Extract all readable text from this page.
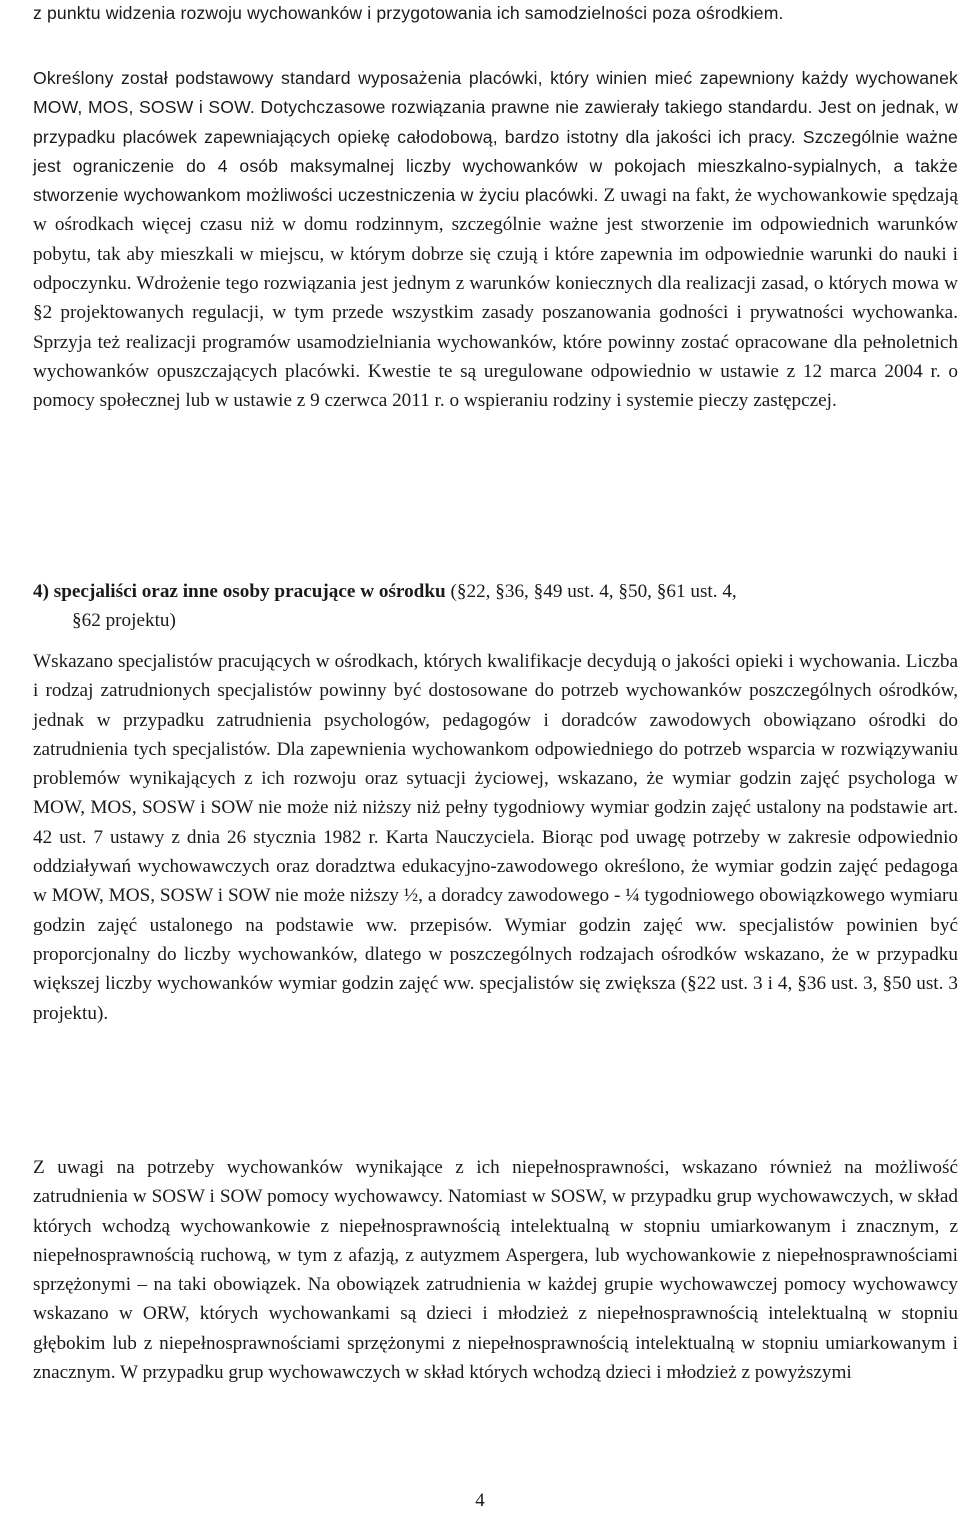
z punktu widzenia rozwoju wychowanków i przygotowania ich samodzielności poza ośrodkiem.

Określony został podstawowy standard wyposażenia placówki, który winien mieć zapewniony każdy wychowanek MOW, MOS, SOSW i SOW. Dotychczasowe rozwiązania prawne nie zawierały takiego standardu. Jest on jednak, w przypadku placówek zapewniających opiekę całodobową, bardzo istotny dla jakości ich pracy. Szczególnie ważne jest ograniczenie do 4 osób maksymalnej liczby wychowanków w pokojach mieszkalno-sypialnych, a także stworzenie wychowankom możliwości uczestniczenia w życiu placówki. Z uwagi na fakt, że wychowankowie spędzają w ośrodkach więcej czasu niż w domu rodzinnym, szczególnie ważne jest stworzenie im odpowiednich warunków pobytu, tak aby mieszkali w miejscu, w którym dobrze się czują i które zapewnia im odpowiednie warunki do nauki i odpoczynku. Wdrożenie tego rozwiązania jest jednym z warunków koniecznych dla realizacji zasad, o których mowa w §2 projektowanych regulacji, w tym przede wszystkim zasady poszanowania godności i prywatności wychowanka. Sprzyja też realizacji programów usamodzielniania wychowanków, które powinny zostać opracowane dla pełnoletnich wychowanków opuszczających placówki. Kwestie te są uregulowane odpowiednio w ustawie z 12 marca 2004 r. o pomocy społecznej lub w ustawie z 9 czerwca 2011 r. o wspieraniu rodziny i systemie pieczy zastępczej.

4) specjaliści oraz inne osoby pracujące w ośrodku (§22, §36, §49 ust. 4, §50, §61 ust. 4,
§62 projektu)

Wskazano specjalistów pracujących w ośrodkach, których kwalifikacje decydują o jakości opieki i wychowania. Liczba i rodzaj zatrudnionych specjalistów powinny być dostosowane do potrzeb wychowanków poszczególnych ośrodków, jednak w przypadku zatrudnienia psychologów, pedagogów i doradców zawodowych obowiązano ośrodki do zatrudnienia tych specjalistów. Dla zapewnienia wychowankom odpowiedniego do potrzeb wsparcia w rozwiązywaniu problemów wynikających z ich rozwoju oraz sytuacji życiowej, wskazano, że wymiar godzin zajęć psychologa w MOW, MOS, SOSW i SOW nie może niż niższy niż pełny tygodniowy wymiar godzin zajęć ustalony na podstawie art. 42 ust. 7 ustawy z dnia 26 stycznia 1982 r. Karta Nauczyciela. Biorąc pod uwagę potrzeby w zakresie odpowiednio oddziaływań wychowawczych oraz doradztwa edukacyjno-zawodowego określono, że wymiar godzin zajęć pedagoga w MOW, MOS, SOSW i SOW nie może niższy ½, a doradcy zawodowego - ¼ tygodniowego obowiązkowego wymiaru godzin zajęć ustalonego na podstawie ww. przepisów. Wymiar godzin zajęć ww. specjalistów powinien być proporcjonalny do liczby wychowanków, dlatego w poszczególnych rodzajach ośrodków wskazano, że w przypadku większej liczby wychowanków wymiar godzin zajęć ww. specjalistów się zwiększa (§22 ust. 3 i 4, §36 ust. 3, §50 ust. 3 projektu).

Z uwagi na potrzeby wychowanków wynikające z ich niepełnosprawności, wskazano również na możliwość zatrudnienia w SOSW i SOW pomocy wychowawcy. Natomiast w SOSW, w przypadku grup wychowawczych, w skład których wchodzą wychowankowie z niepełnosprawnością intelektualną w stopniu umiarkowanym i znacznym, z niepełnosprawnością ruchową, w tym z afazją, z autyzmem Aspergera, lub wychowankowie z niepełnosprawnościami sprzężonymi – na taki obowiązek. Na obowiązek zatrudnienia w każdej grupie wychowawczej pomocy wychowawcy wskazano w ORW, których wychowankami są dzieci i młodzież z niepełnosprawnością intelektualną w stopniu głębokim lub z niepełnosprawnościami sprzężonymi z niepełnosprawnością intelektualną w stopniu umiarkowanym i znacznym. W przypadku grup wychowawczych w skład których wchodzą dzieci i młodzież z powyższymi

4
